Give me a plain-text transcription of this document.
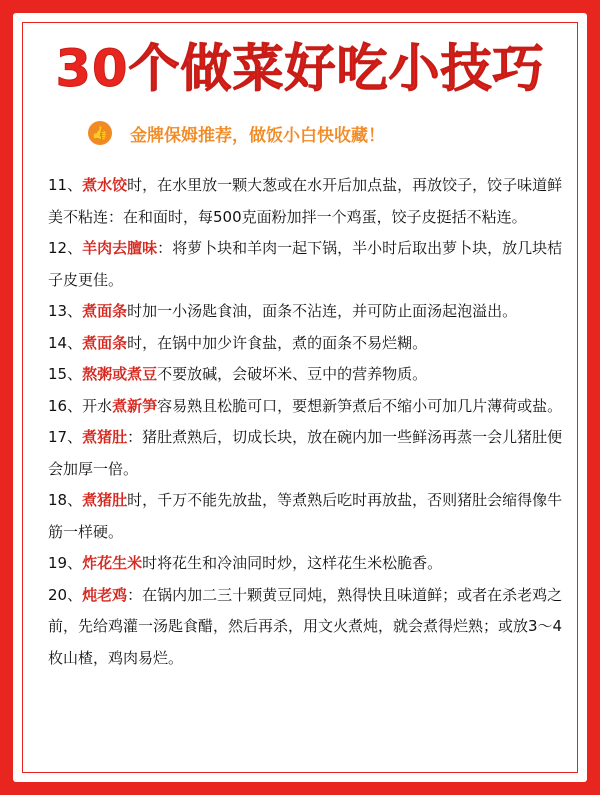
30个做菜好吃小技巧
👍 金牌保姆推荐，做饭小白快收藏！

11、煮水饺时，在水里放一颗大葱或在水开后加点盐，再放饺子，饺子味道鲜美不粘连：在和面时，每500克面粉加拌一个鸡蛋，饺子皮挺括不粘连。

12、羊肉去膻味：将萝卜块和羊肉一起下锅，半小时后取出萝卜块，放几块桔子皮更佳。

13、煮面条时加一小汤匙食油，面条不沾连，并可防止面汤起泡溢出。

14、煮面条时，在锅中加少许食盐，煮的面条不易烂糊。

15、熬粥或煮豆不要放碱，会破坏米、豆中的营养物质。

16、开水煮新笋容易熟且松脆可口，要想新笋煮后不缩小可加几片薄荷或盐。

17、煮猪肚：猪肚煮熟后，切成长块，放在碗内加一些鲜汤再蒸一会儿猪肚便会加厚一倍。

18、煮猪肚时，千万不能先放盐，等煮熟后吃时再放盐，否则猪肚会缩得像牛筋一样硬。

19、炸花生米时将花生和冷油同时炒，这样花生米松脆香。

20、炖老鸡：在锅内加二三十颗黄豆同炖，熟得快且味道鲜；或者在杀老鸡之前，先给鸡灌一汤匙食醋，然后再杀，用文火煮炖，就会煮得烂熟；或放3～4枚山楂，鸡肉易烂。
